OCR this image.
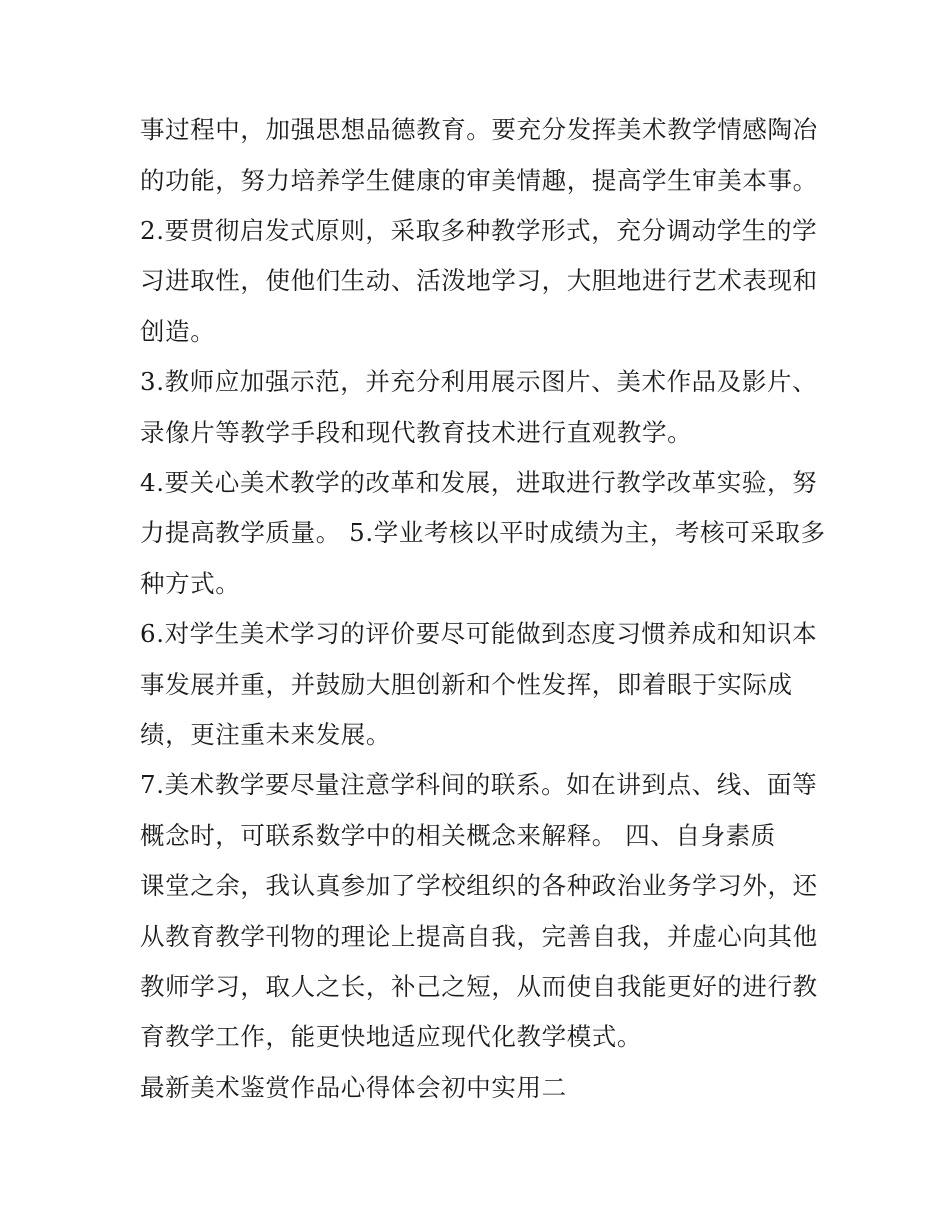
事过程中，加强思想品德教育。要充分发挥美术教学情感陶冶
的功能，努力培养学生健康的审美情趣，提高学生审美本事。
2.要贯彻启发式原则，采取多种教学形式，充分调动学生的学
习进取性，使他们生动、活泼地学习，大胆地进行艺术表现和
创造。
3.教师应加强示范，并充分利用展示图片、美术作品及影片、
录像片等教学手段和现代教育技术进行直观教学。
4.要关心美术教学的改革和发展，进取进行教学改革实验，努
力提高教学质量。 5.学业考核以平时成绩为主，考核可采取多
种方式。
6.对学生美术学习的评价要尽可能做到态度习惯养成和知识本
事发展并重，并鼓励大胆创新和个性发挥，即着眼于实际成
绩，更注重未来发展。
7.美术教学要尽量注意学科间的联系。如在讲到点、线、面等
概念时，可联系数学中的相关概念来解释。 四、自身素质
课堂之余，我认真参加了学校组织的各种政治业务学习外，还
从教育教学刊物的理论上提高自我，完善自我，并虚心向其他
教师学习，取人之长，补己之短，从而使自我能更好的进行教
育教学工作，能更快地适应现代化教学模式。
最新美术鉴赏作品心得体会初中实用二
